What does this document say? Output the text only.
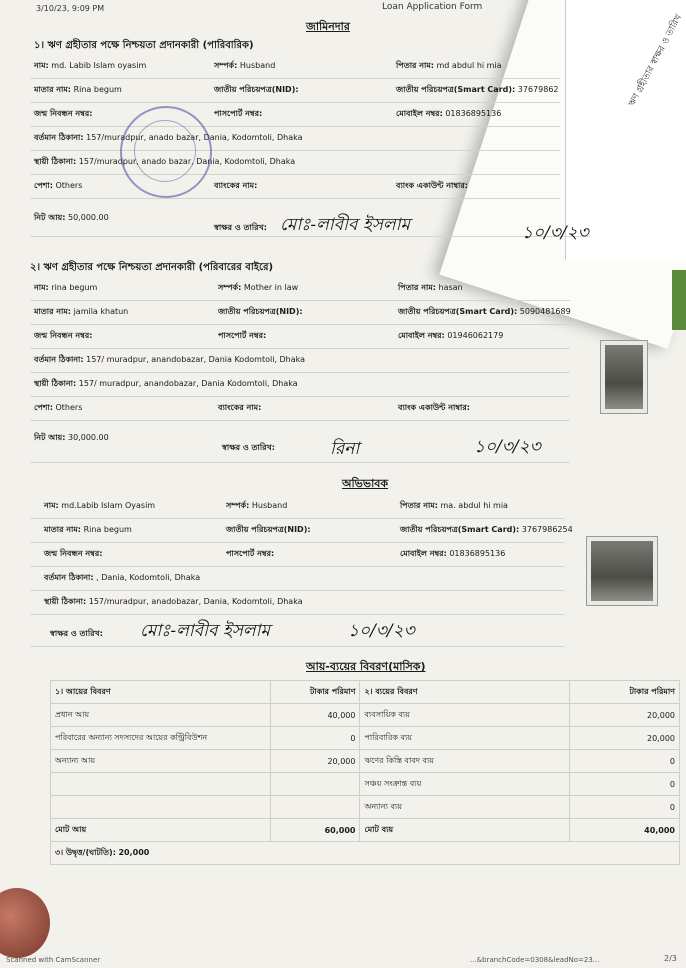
ঋণ গ্রহীতার স্বাক্ষর ও তারিখ
3/10/23, 9:09 PM	Loan Application Form
জামিনদার
১। ঋণ গ্রহীতার পক্ষে নিশ্চয়তা প্রদানকারী (পারিবারিক)
নাম: md. Labib Islam oyasim	সম্পর্ক: Husband	পিতার নাম: md abdul hi mia
মাতার নাম: Rina begum	জাতীয় পরিচয়পত্র(NID):	জাতীয় পরিচয়পত্র(Smart Card): 37679862
জন্ম নিবন্ধন নম্বর:	পাসপোর্ট নম্বর:	মোবাইল নম্বর: 01836895136
বর্তমান ঠিকানা: 157/muradpur, anado bazar, Dania, Kodomtoli, Dhaka
স্থায়ী ঠিকানা: 157/muradpur, anado bazar, Dania, Kodomtoli, Dhaka
পেশা: Others	ব্যাংকের নাম:	ব্যাংক একাউন্ট নাম্বার:
নিট আয়: 50,000.00
স্বাক্ষর ও তারিখ: মোঃ-লাবীব ইসলাম	১০/৩/২৩
২। ঋণ গ্রহীতার পক্ষে নিশ্চয়তা প্রদানকারী (পরিবারের বাইরে)
নাম: rina begum	সম্পর্ক: Mother in law	পিতার নাম: hasan
মাতার নাম: jamila khatun	জাতীয় পরিচয়পত্র(NID):	জাতীয় পরিচয়পত্র(Smart Card): 5090481689
জন্ম নিবন্ধন নম্বর:	পাসপোর্ট নম্বর:	মোবাইল নম্বর: 01946062179
বর্তমান ঠিকানা: 157/ muradpur, anandobazar, Dania Kodomtoli, Dhaka
স্থায়ী ঠিকানা: 157/ muradpur, anandobazar, Dania Kodomtoli, Dhaka
পেশা: Others	ব্যাংকের নাম:	ব্যাংক একাউন্ট নাম্বার:
নিট আয়: 30,000.00
স্বাক্ষর ও তারিখ:	রিনা	১০/৩/২৩
অভিভাবক
নাম: md.Labib Islam Oyasim	সম্পর্ক: Husband	পিতার নাম: ma. abdul hi mia
মাতার নাম: Rina begum	জাতীয় পরিচয়পত্র(NID):	জাতীয় পরিচয়পত্র(Smart Card): 3767986254
জন্ম নিবন্ধন নম্বর:	পাসপোর্ট নম্বর:	মোবাইল নম্বর: 01836895136
বর্তমান ঠিকানা: , Dania, Kodomtoli, Dhaka
স্থায়ী ঠিকানা: 157/muradpur, anadobazar, Dania, Kodomtoli, Dhaka
স্বাক্ষর ও তারিখ: মোঃ-লাবীব ইসলাম	১০/৩/২৩
আয়-ব্যয়ের বিবরণ(মাসিক)
১। আয়ের বিবরণ	টাকার পরিমাণ	২। ব্যয়ের বিবরণ	টাকার পরিমাণ
প্রধান আয়	40,000	ব্যবসায়িক ব্যয়	20,000
পরিবারের অন্যান্য সদস্যদের আয়ের কন্ট্রিবিউশন	0	পারিবারিক ব্যয়	20,000
অন্যান্য আয়	20,000	ঋণের কিস্তি বাবদ ব্যয়	0
		সঞ্চয় সংক্রান্ত ব্যয়	0
		অন্যান্য ব্যয়	0
মোট আয়	60,000	মোট ব্যয়	40,000
৩। উদ্বৃত্ত/(ঘাটতি): 20,000			
Scanned with CamScanner	...&branchCode=0308&leadNo=23...	2/3
